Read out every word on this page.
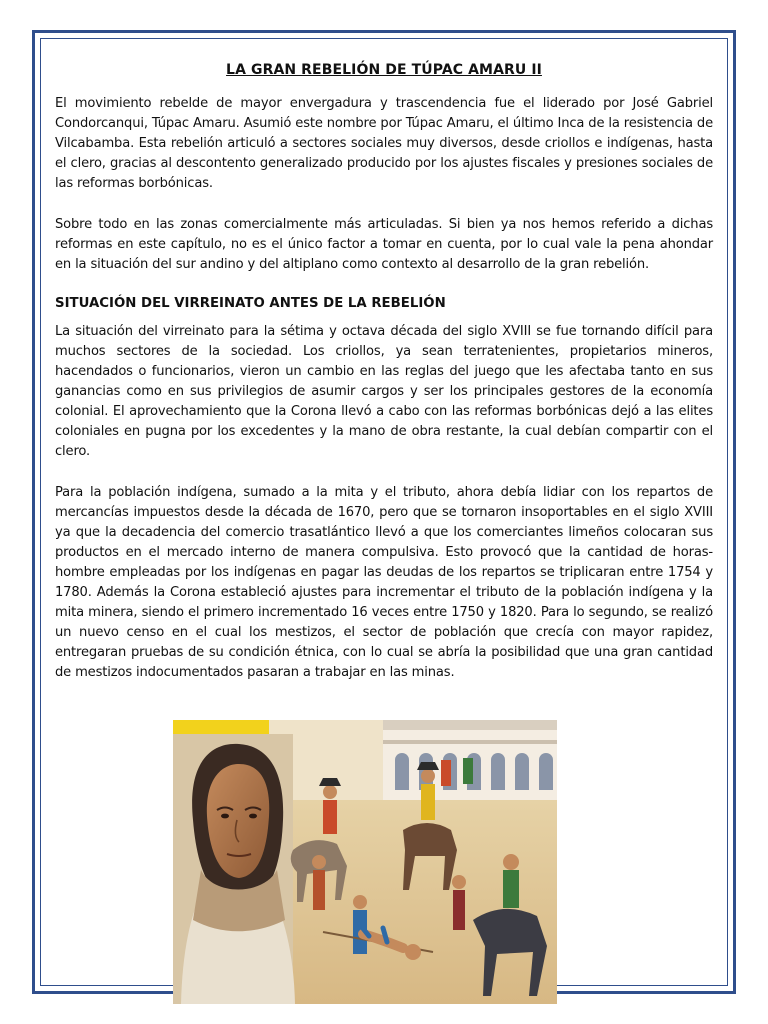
LA GRAN REBELIÓN DE TÚPAC AMARU II

El movimiento rebelde de mayor envergadura y trascendencia fue el liderado por José Gabriel Condorcanqui, Túpac Amaru. Asumió este nombre por Túpac Amaru, el último Inca de la resistencia de Vilcabamba. Esta rebelión articuló a sectores sociales muy diversos, desde criollos e indígenas, hasta el clero, gracias al descontento generalizado producido por los ajustes fiscales y presiones sociales de las reformas borbónicas.

Sobre todo en las zonas comercialmente más articuladas. Si bien ya nos hemos referido a dichas reformas en este capítulo, no es el único factor a tomar en cuenta, por lo cual vale la pena ahondar en la situación del sur andino y del altiplano como contexto al desarrollo de la gran rebelión.

SITUACIÓN DEL VIRREINATO ANTES DE LA REBELIÓN

La situación del virreinato para la sétima y octava década del siglo XVIII se fue tornando difícil para muchos sectores de la sociedad. Los criollos, ya sean terratenientes, propietarios mineros, hacendados o funcionarios, vieron un cambio en las reglas del juego que les afectaba tanto en sus ganancias como en sus privilegios de asumir cargos y ser los principales gestores de la economía colonial. El aprovechamiento que la Corona llevó a cabo con las reformas borbónicas dejó a las elites coloniales en pugna por los excedentes y la mano de obra restante, la cual debían compartir con el clero.

Para la población indígena, sumado a la mita y el tributo, ahora debía lidiar con los repartos de mercancías impuestos desde la década de 1670, pero que se tornaron insoportables en el siglo XVIII ya que la decadencia del comercio trasatlántico llevó a que los comerciantes limeños colocaran sus productos en el mercado interno de manera compulsiva. Esto provocó que la cantidad de horas-hombre empleadas por los indígenas en pagar las deudas de los repartos se triplicaran entre 1754 y 1780. Además la Corona estableció ajustes para incrementar el tributo de la población indígena y la mita minera, siendo el primero incrementado 16 veces entre 1750 y 1820. Para lo segundo, se realizó un nuevo censo en el cual los mestizos, el sector de población que crecía con mayor rapidez, entregaran pruebas de su condición étnica, con lo cual se abría la posibilidad que una gran cantidad de mestizos indocumentados pasaran a trabajar en las minas.
